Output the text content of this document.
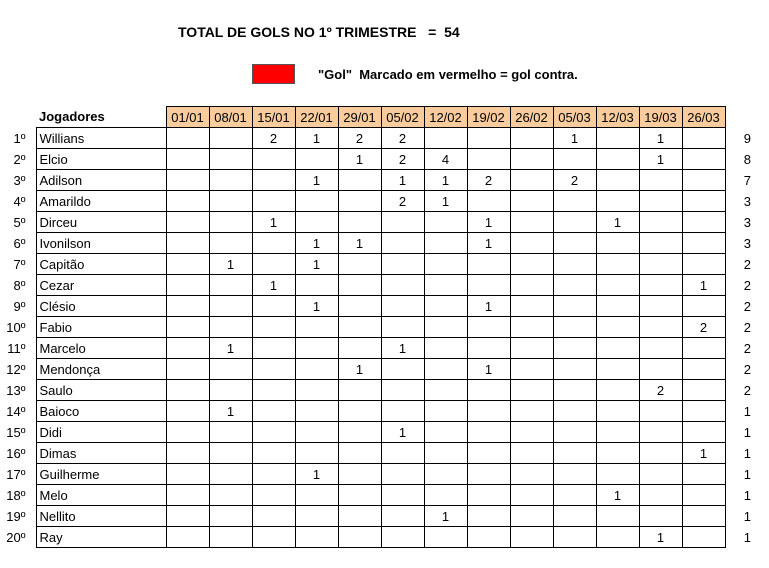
TOTAL DE GOLS NO 1º TRIMESTRE   =  54
"Gol"  Marcado em vermelho = gol contra.
	Jogadores	01/01	08/01	15/01	22/01	29/01	05/02	12/02	19/02	26/02	05/03	12/03	19/03	26/03		
1º	Willians			2	1	2	2				1		1			9
2º	Elcio					1	2	4					1			8
3º	Adilson				1		1	1	2		2					7
4º	Amarildo						2	1								3
5º	Dirceu			1					1			1				3
6º	Ivonilson				1	1			1							3
7º	Capitão		1		1											2
8º	Cezar			1										1		2
9º	Clésio				1				1							2
10º	Fabio													2		2
11º	Marcelo		1				1									2
12º	Mendonça					1			1							2
13º	Saulo												2			2
14º	Baioco		1													1
15º	Didi						1									1
16º	Dimas													1		1
17º	Guilherme				1											1
18º	Melo											1				1
19º	Nellito							1								1
20º	Ray												1			1
